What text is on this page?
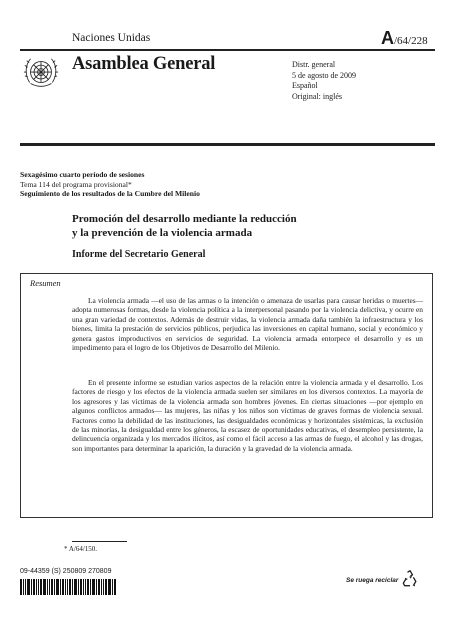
Naciones Unidas	A/64/228
Asamblea General	Distr. general
5 de agosto de 2009
Español
Original: inglés
Sexagésimo cuarto período de sesiones
Tema 114 del programa provisional*
Seguimiento de los resultados de la Cumbre del Milenio
Promoción del desarrollo mediante la reducción
y la prevención de la violencia armada
Informe del Secretario General
Resumen

La violencia armada —el uso de las armas o la intención o amenaza de usarlas para causar heridas o muertes— adopta numerosas formas, desde la violencia política a la interpersonal pasando por la violencia delictiva, y ocurre en una gran variedad de contextos. Además de destruir vidas, la violencia armada daña también la infraestructura y los bienes, limita la prestación de servicios públicos, perjudica las inversiones en capital humano, social y económico y genera gastos improductivos en servicios de seguridad. La violencia armada entorpece el desarrollo y es un impedimento para el logro de los Objetivos de Desarrollo del Milenio.

En el presente informe se estudian varios aspectos de la relación entre la violencia armada y el desarrollo. Los factores de riesgo y los efectos de la violencia armada suelen ser similares en los diversos contextos. La mayoría de los agresores y las víctimas de la violencia armada son hombres jóvenes. En ciertas situaciones —por ejemplo en algunos conflictos armados— las mujeres, las niñas y los niños son víctimas de graves formas de violencia sexual. Factores como la debilidad de las instituciones, las desigualdades económicas y horizontales sistémicas, la exclusión de las minorías, la desigualdad entre los géneros, la escasez de oportunidades educativas, el desempleo persistente, la delincuencia organizada y los mercados ilícitos, así como el fácil acceso a las armas de fuego, el alcohol y las drogas, son importantes para determinar la aparición, la duración y la gravedad de la violencia armada.

* A/64/150.
09-44359 (S) 250809 270809
Se ruega reciclar
